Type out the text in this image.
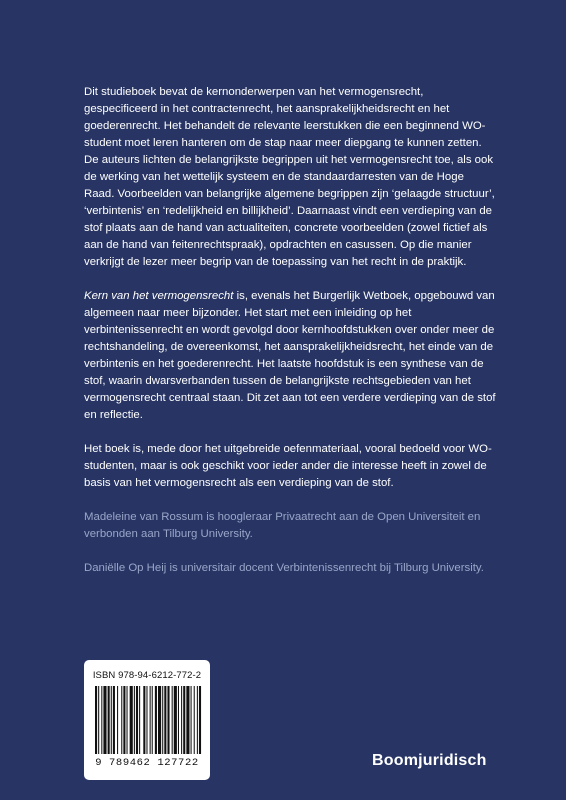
Dit studieboek bevat de kernonderwerpen van het vermogensrecht, gespecificeerd in het contractenrecht, het aansprakelijkheidsrecht en het goederenrecht. Het behandelt de relevante leerstukken die een beginnend WO-student moet leren hanteren om de stap naar meer diepgang te kunnen zetten. De auteurs lichten de belangrijkste begrippen uit het vermogensrecht toe, als ook de werking van het wettelijk systeem en de standaardarresten van de Hoge Raad. Voorbeelden van belangrijke algemene begrippen zijn ‘gelaagde structuur’, ‘verbintenis’ en ‘redelijkheid en billijkheid’. Daarnaast vindt een verdieping van de stof plaats aan de hand van actualiteiten, concrete voorbeelden (zowel fictief als aan de hand van feitenrechtspraak), opdrachten en casussen. Op die manier verkrijgt de lezer meer begrip van de toepassing van het recht in de praktijk.

Kern van het vermogensrecht is, evenals het Burgerlijk Wetboek, opgebouwd van algemeen naar meer bijzonder. Het start met een inleiding op het verbintenissenrecht en wordt gevolgd door kernhoofdstukken over onder meer de rechtshandeling, de overeenkomst, het aansprakelijkheidsrecht, het einde van de verbintenis en het goederenrecht. Het laatste hoofdstuk is een synthese van de stof, waarin dwarsverbanden tussen de belangrijkste rechtsgebieden van het vermogensrecht centraal staan. Dit zet aan tot een verdere verdieping van de stof en reflectie.

Het boek is, mede door het uitgebreide oefenmateriaal, vooral bedoeld voor WO-studenten, maar is ook geschikt voor ieder ander die interesse heeft in zowel de basis van het vermogensrecht als een verdieping van de stof.

Madeleine van Rossum is hoogleraar Privaatrecht aan de Open Universiteit en verbonden aan Tilburg University.

Daniëlle Op Heij is universitair docent Verbintenissenrecht bij Tilburg University.

ISBN 978-94-6212-772-2
9 789462 127722	Boomjuridisch
